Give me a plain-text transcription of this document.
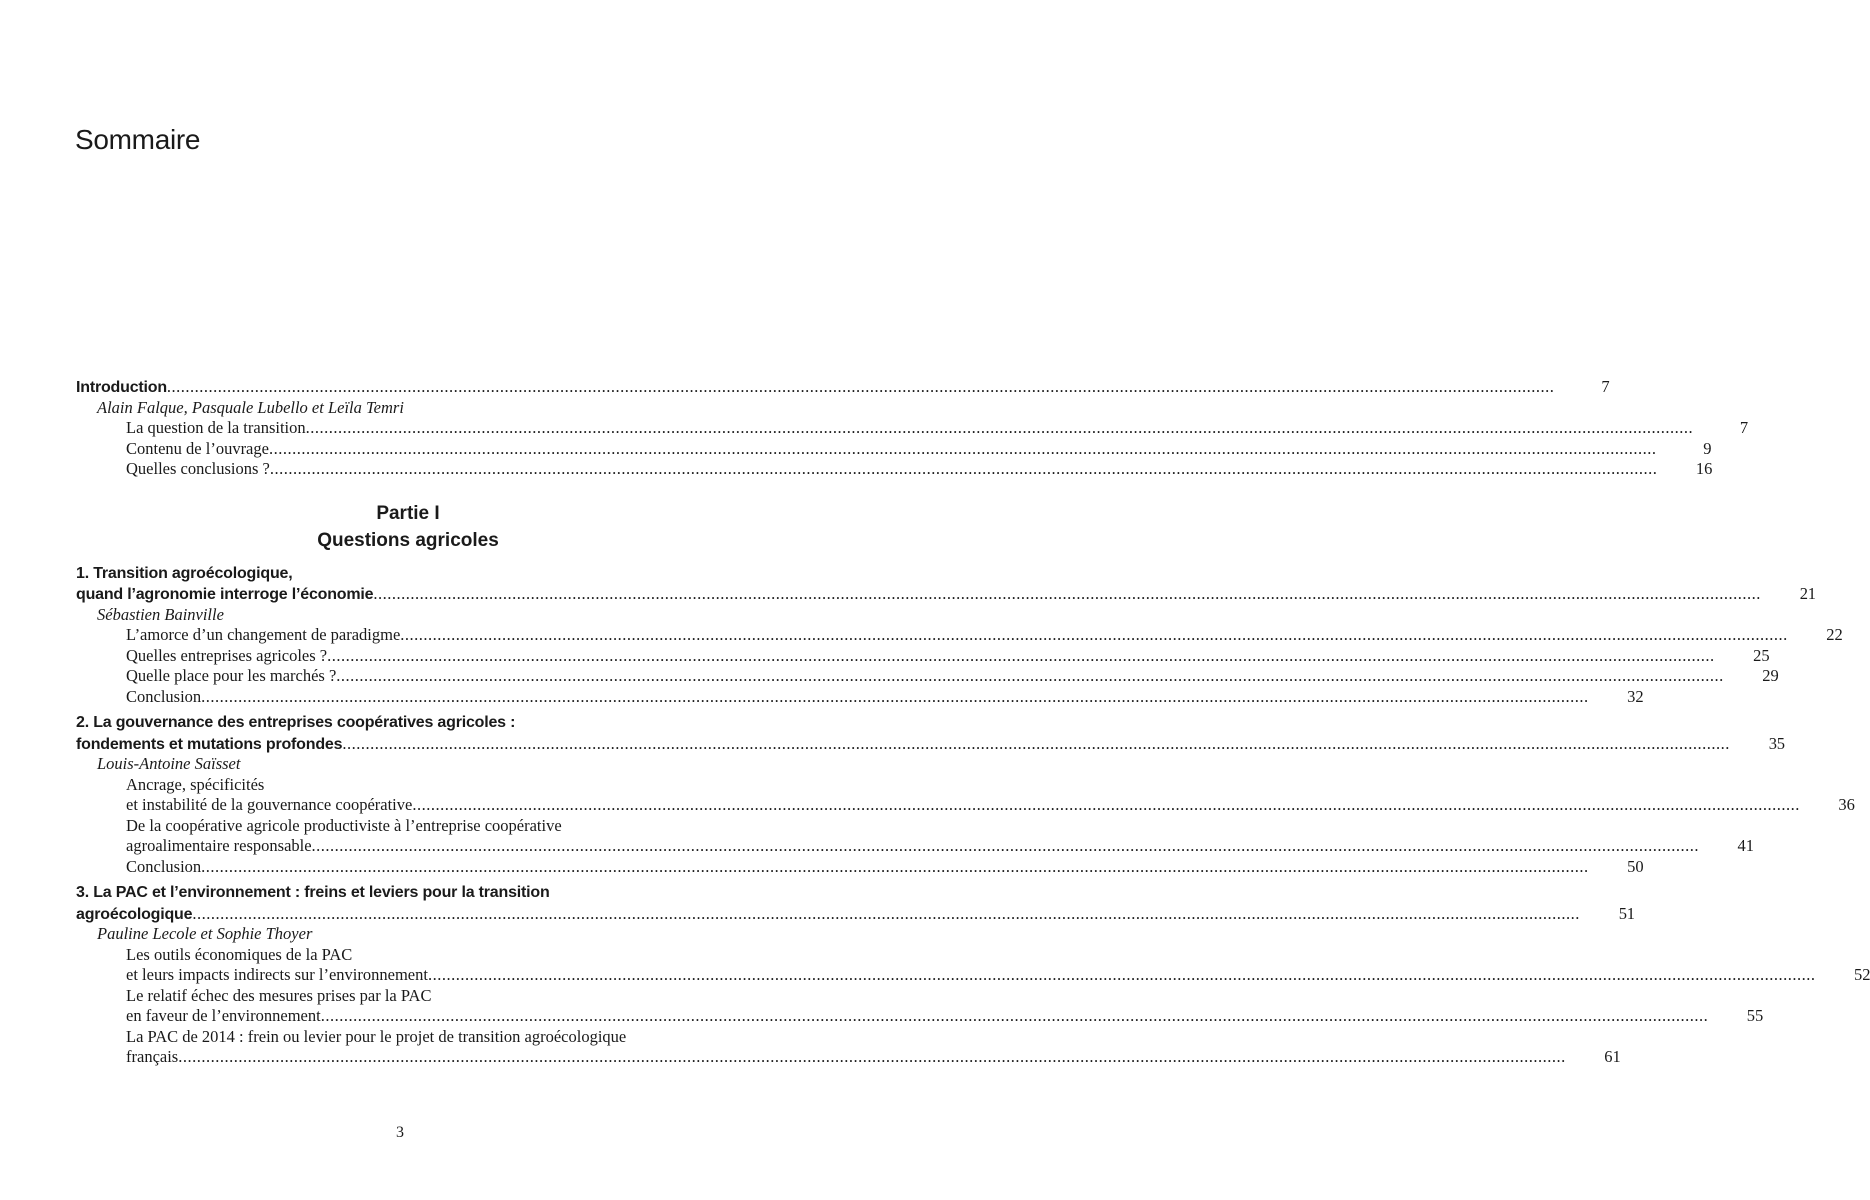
Sommaire
Introduction ............................................................................................................................................................................................................................................................................................................	7
Alain Falque, Pasquale Lubello et Leïla Temri
La question de la transition ............................................................................................................................................................................................................................................................................................................	7
Contenu de l’ouvrage ............................................................................................................................................................................................................................................................................................................	9
Quelles conclusions ? ............................................................................................................................................................................................................................................................................................................	16
Partie I
Questions agricoles
1. Transition agroécologique,
quand l’agronomie interroge l’économie ............................................................................................................................................................................................................................................................................................................	21
Sébastien Bainville
L’amorce d’un changement de paradigme ............................................................................................................................................................................................................................................................................................................	22
Quelles entreprises agricoles ? ............................................................................................................................................................................................................................................................................................................	25
Quelle place pour les marchés ? ............................................................................................................................................................................................................................................................................................................	29
Conclusion ............................................................................................................................................................................................................................................................................................................	32
2. La gouvernance des entreprises coopératives agricoles :
fondements et mutations profondes ............................................................................................................................................................................................................................................................................................................	35
Louis-Antoine Saïsset
Ancrage, spécificités
et instabilité de la gouvernance coopérative ............................................................................................................................................................................................................................................................................................................	36
De la coopérative agricole productiviste à l’entreprise coopérative
agroalimentaire responsable ............................................................................................................................................................................................................................................................................................................	41
Conclusion ............................................................................................................................................................................................................................................................................................................	50
3. La PAC et l’environnement : freins et leviers pour la transition
agroécologique ............................................................................................................................................................................................................................................................................................................	51
Pauline Lecole et Sophie Thoyer
Les outils économiques de la PAC
et leurs impacts indirects sur l’environnement ............................................................................................................................................................................................................................................................................................................	52
Le relatif échec des mesures prises par la PAC
en faveur de l’environnement ............................................................................................................................................................................................................................................................................................................	55
La PAC de 2014 : frein ou levier pour le projet de transition agroécologique
français ............................................................................................................................................................................................................................................................................................................	61
3
